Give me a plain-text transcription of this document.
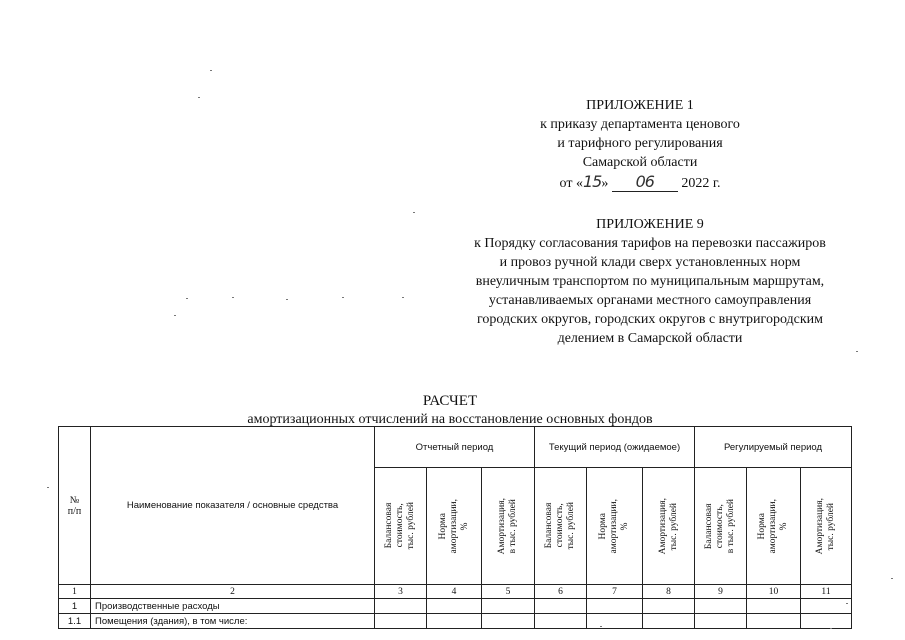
ПРИЛОЖЕНИЕ 1
к приказу департамента ценового
и тарифного регулирования
Самарской области
от «15» 06 2022 г.
ПРИЛОЖЕНИЕ 9
к Порядку согласования тарифов на перевозки пассажиров
и провоз ручной клади сверх установленных норм
внеуличным транспортом по муниципальным маршрутам,
устанавливаемых органами местного самоуправления
городских округов, городских округов с внутригородским
делением в Самарской области
РАСЧЕТ
амортизационных отчислений на восстановление основных фондов
№
п/п	Наименование показателя / основные средства	Отчетный период			Текущий период (ожидаемое)			Регулируемый период		

		Балансовая
стоимость,
тыс. рублей	Норма
амортизации,
%	Амортизация,
в тыс. рублей	Балансовая
стоимость,
тыс. рублей	Норма
амортизации,
%	Амортизация,
тыс. рублей	Балансовая
стоимость,
в тыс. рублей	Норма
амортизации,
%	Амортизация,
тыс. рублей

1	2	3	4	5	6	7	8	9	10	11
1	Производственные расходы									
1.1	Помещения (здания), в том числе:									
